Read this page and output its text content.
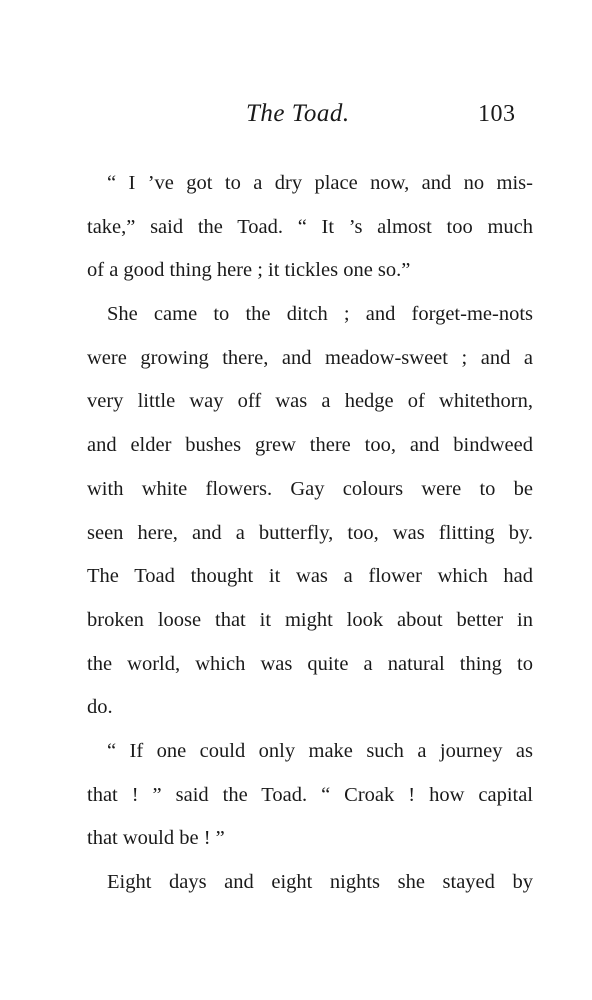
The Toad.	103
“ I ’ve got to a dry place now, and no mis-
take,” said the Toad. “ It ’s almost too much
of a good thing here ; it tickles one so.”
She came to the ditch ; and forget-me-nots
were growing there, and meadow-sweet ; and a
very little way off was a hedge of whitethorn,
and elder bushes grew there too, and bindweed
with white flowers. Gay colours were to be
seen here, and a butterfly, too, was flitting by.
The Toad thought it was a flower which had
broken loose that it might look about better in
the world, which was quite a natural thing to
do.
“ If one could only make such a journey as
that ! ” said the Toad. “ Croak ! how capital
that would be ! ”
Eight days and eight nights she stayed by
